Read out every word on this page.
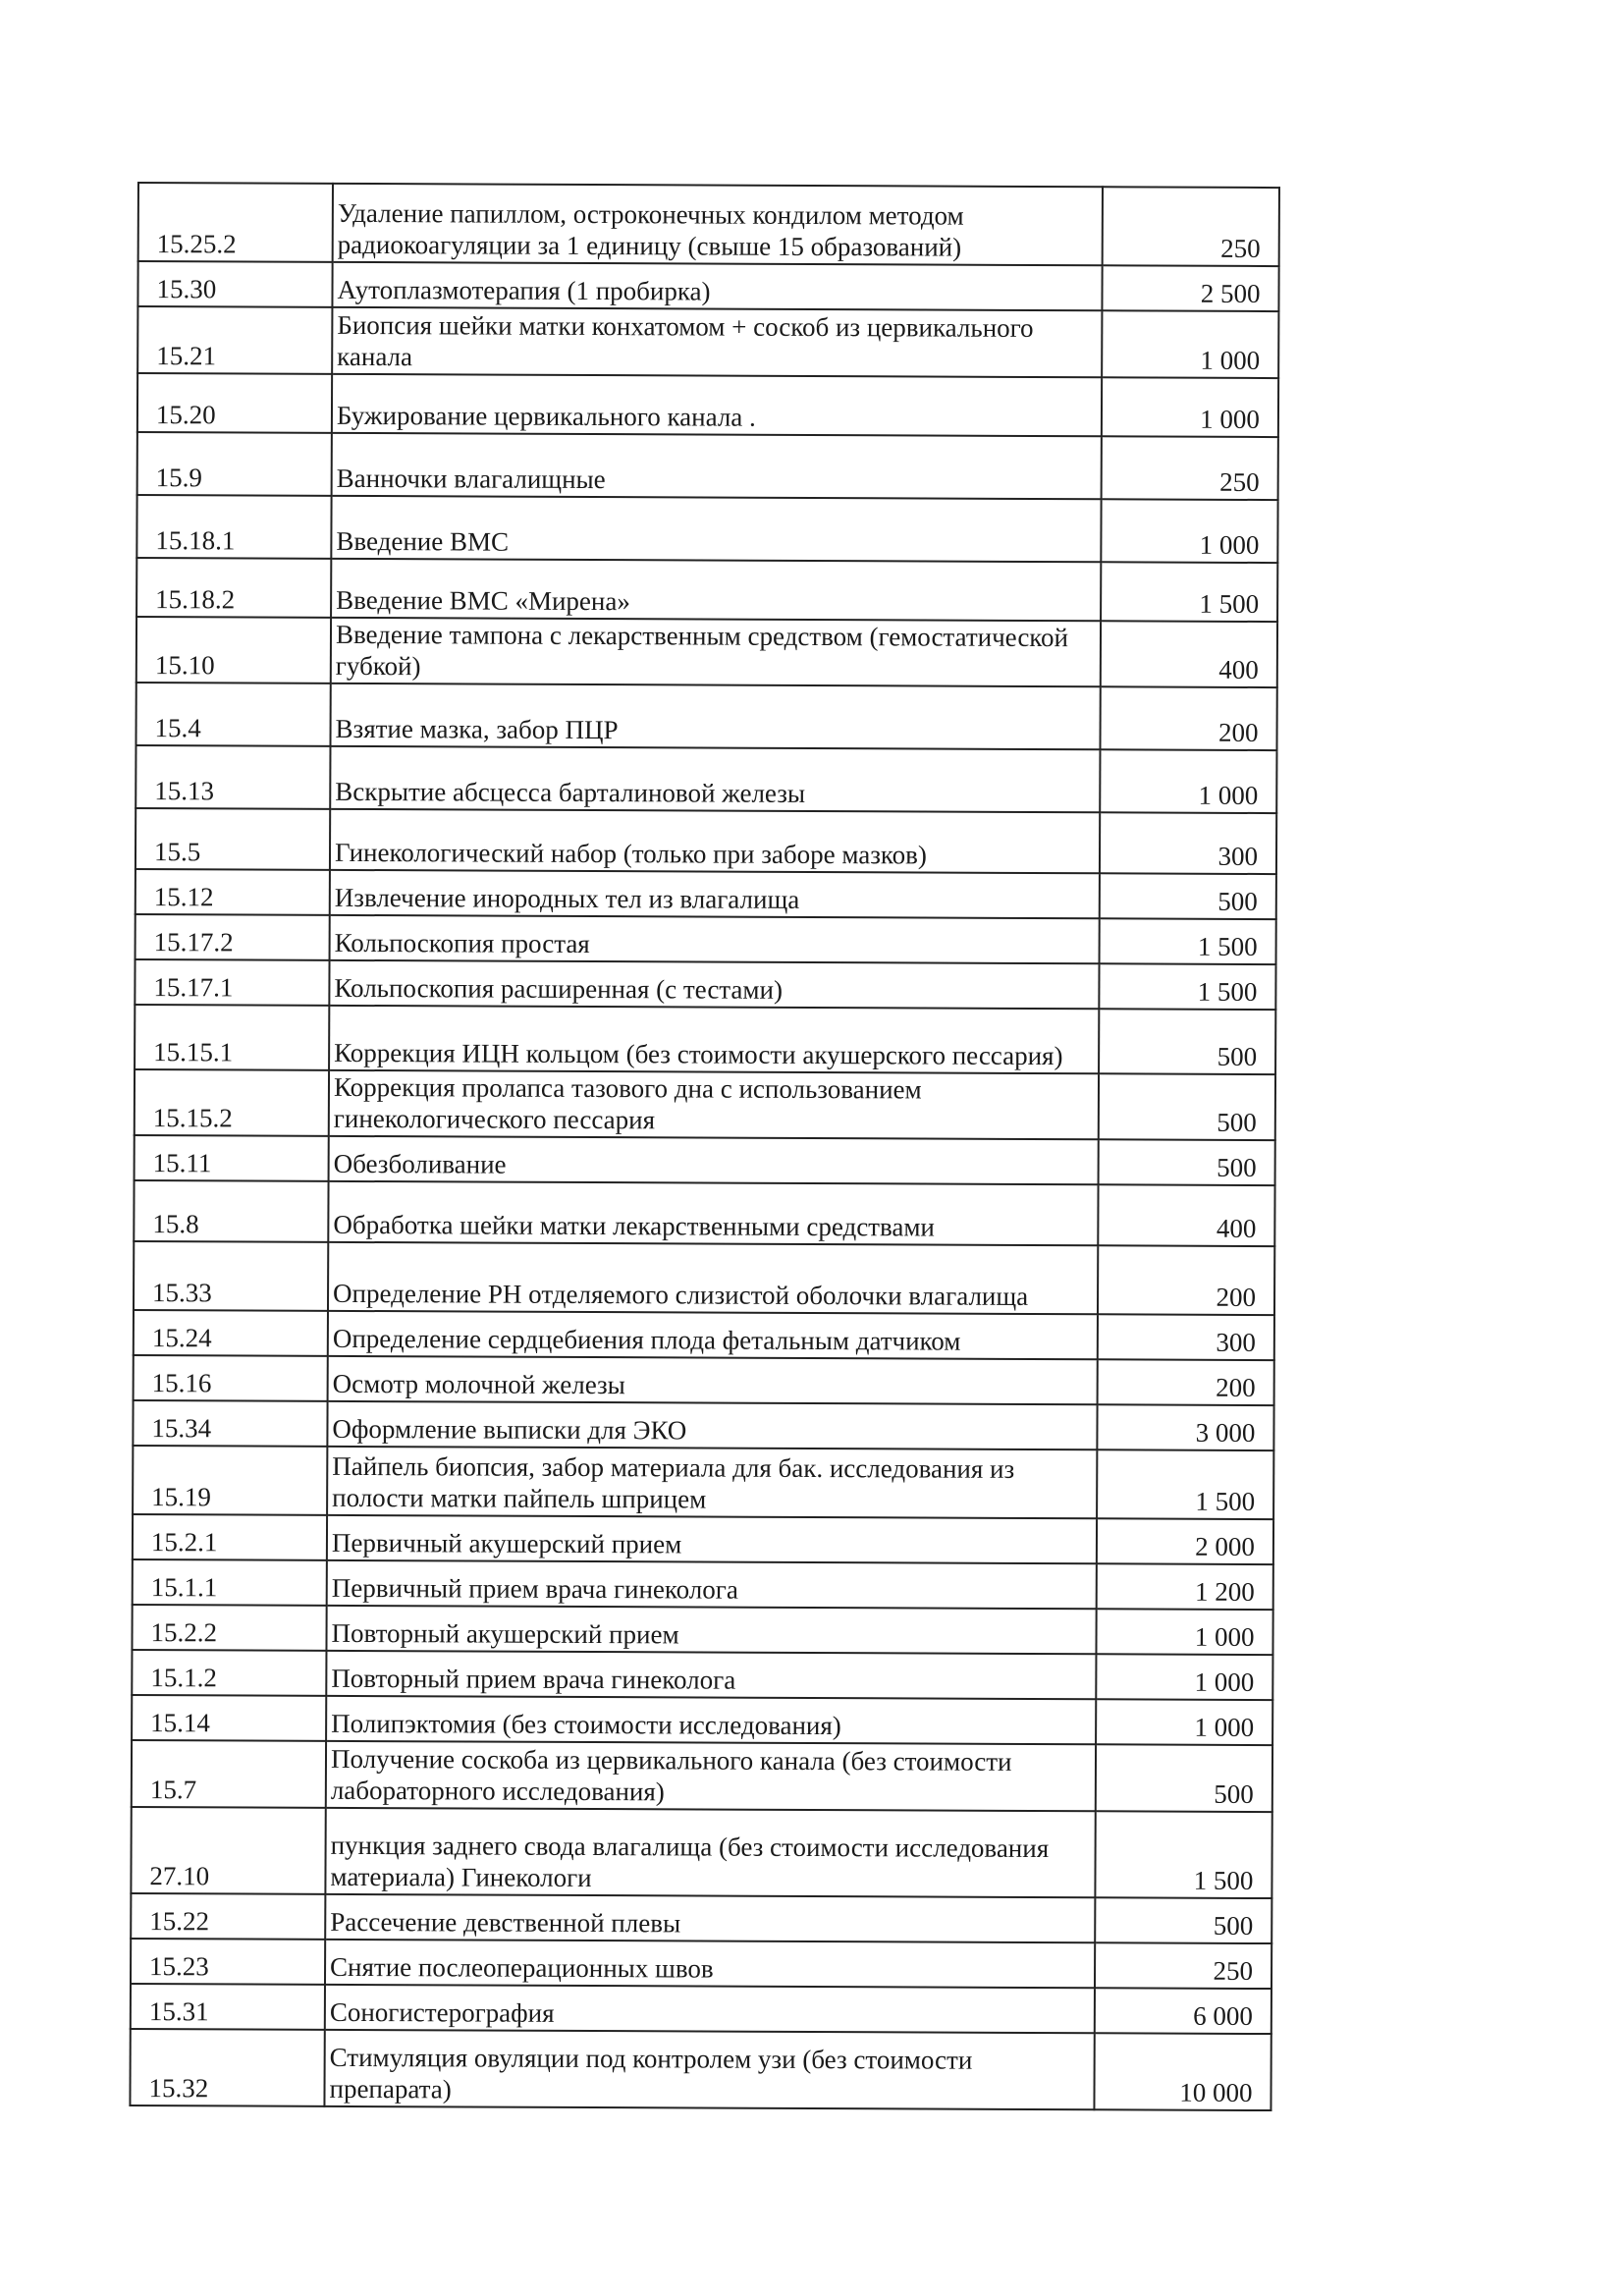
15.25.2	Удаление папиллом, остроконечных кондилом методом радиокоагуляции за 1 единицу (свыше 15 образований)	250
15.30	Аутоплазмотерапия (1 пробирка)	2 500
15.21	Биопсия шейки матки конхатомом + соскоб из цервикального канала	1 000
15.20	Бужирование цервикального канала .	1 000
15.9	Ванночки влагалищные	250
15.18.1	Введение ВМС	1 000
15.18.2	Введение ВМС «Мирена»	1 500
15.10	Введение тампона с лекарственным средством (гемостатической губкой)	400
15.4	Взятие мазка, забор ПЦР	200
15.13	Вскрытие абсцесса барталиновой железы	1 000
15.5	Гинекологический набор (только при заборе мазков)	300
15.12	Извлечение инородных тел из влагалища	500
15.17.2	Кольпоскопия простая	1 500
15.17.1	Кольпоскопия расширенная (с тестами)	1 500
15.15.1	Коррекция ИЦН кольцом (без стоимости акушерского пессария)	500
15.15.2	Коррекция пролапса тазового дна с использованием гинекологического пессария	500
15.11	Обезболивание	500
15.8	Обработка шейки матки лекарственными средствами	400
15.33	Определение PH отделяемого слизистой оболочки влагалища	200
15.24	Определение сердцебиения плода фетальным датчиком	300
15.16	Осмотр молочной железы	200
15.34	Оформление выписки для ЭКО	3 000
15.19	Пайпель биопсия, забор материала для бак. исследования из полости матки пайпель шприцем	1 500
15.2.1	Первичный акушерский прием	2 000
15.1.1	Первичный прием врача гинеколога	1 200
15.2.2	Повторный акушерский прием	1 000
15.1.2	Повторный прием врача гинеколога	1 000
15.14	Полипэктомия (без стоимости исследования)	1 000
15.7	Получение соскоба из цервикального канала (без стоимости лабораторного исследования)	500
27.10	пункция заднего свода влагалища (без стоимости исследования материала) Гинекологи	1 500
15.22	Рассечение девственной плевы	500
15.23	Снятие послеоперационных швов	250
15.31	Соногистерография	6 000
15.32	Стимуляция овуляции под контролем узи (без стоимости препарата)	10 000
